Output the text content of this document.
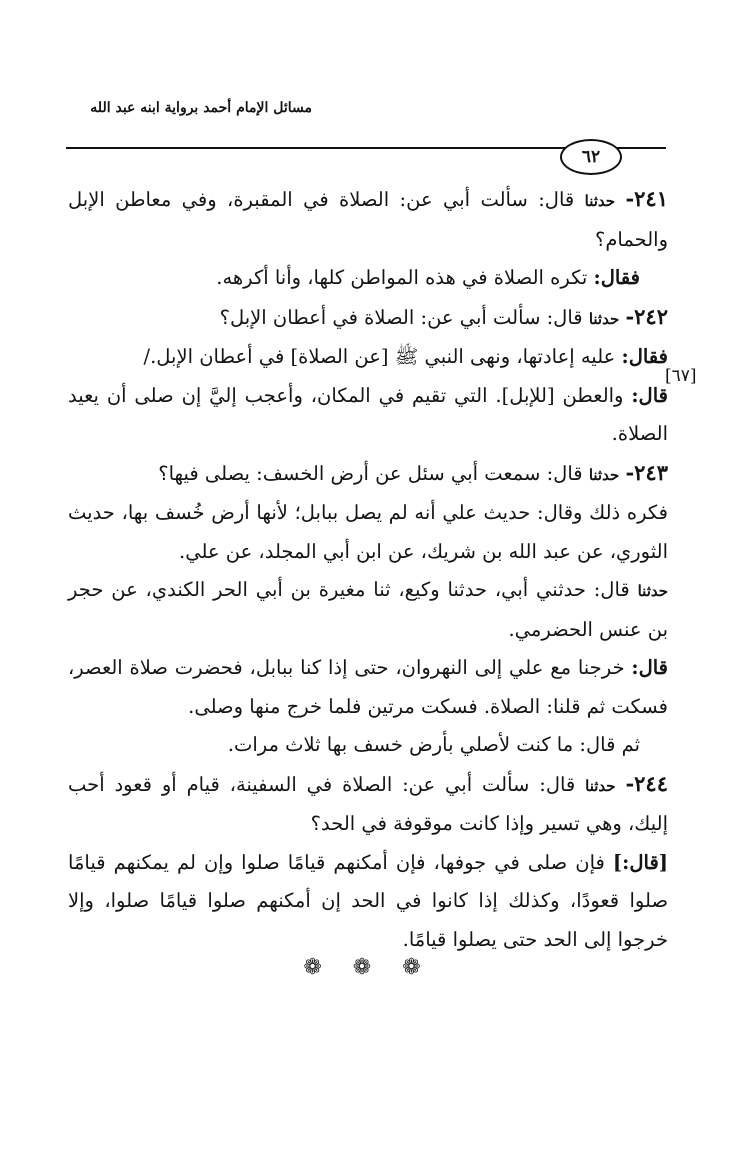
مسائل الإمام أحمد برواية ابنه عبد الله
٦٢
[٦٧]

٢٤١- حدثنا قال: سألت أبي عن: الصلاة في المقبرة، وفي معاطن الإبل والحمام؟

فقال: تكره الصلاة في هذه المواطن كلها، وأنا أكرهه.

٢٤٢- حدثنا قال: سألت أبي عن: الصلاة في أعطان الإبل؟

فقال: عليه إعادتها، ونهى النبي ﷺ [عن الصلاة] في أعطان الإبل./

قال: والعطن [للإبل]. التي تقيم في المكان، وأعجب إليَّ إن صلى أن يعيد الصلاة.

٢٤٣- حدثنا قال: سمعت أبي سئل عن أرض الخسف: يصلى فيها؟

فكره ذلك وقال: حديث علي أنه لم يصل ببابل؛ لأنها أرض خُسف بها، حديث الثوري، عن عبد الله بن شريك، عن ابن أبي المجلد، عن علي.

حدثنا قال: حدثني أبي، حدثنا وكيع، ثنا مغيرة بن أبي الحر الكندي، عن حجر بن عنس الحضرمي.

قال: خرجنا مع علي إلى النهروان، حتى إذا كنا ببابل، فحضرت صلاة العصر، فسكت ثم قلنا: الصلاة. فسكت مرتين فلما خرج منها وصلى.

ثم قال: ما كنت لأصلي بأرض خسف بها ثلاث مرات.

٢٤٤- حدثنا قال: سألت أبي عن: الصلاة في السفينة، قيام أو قعود أحب إليك، وهي تسير وإذا كانت موقوفة في الحد؟

[قال:] فإن صلى في جوفها، فإن أمكنهم قيامًا صلوا وإن لم يمكنهم قيامًا صلوا قعودًا، وكذلك إذا كانوا في الحد إن أمكنهم صلوا قيامًا صلوا، وإلا خرجوا إلى الحد حتى يصلوا قيامًا.

❁ ❁ ❁
